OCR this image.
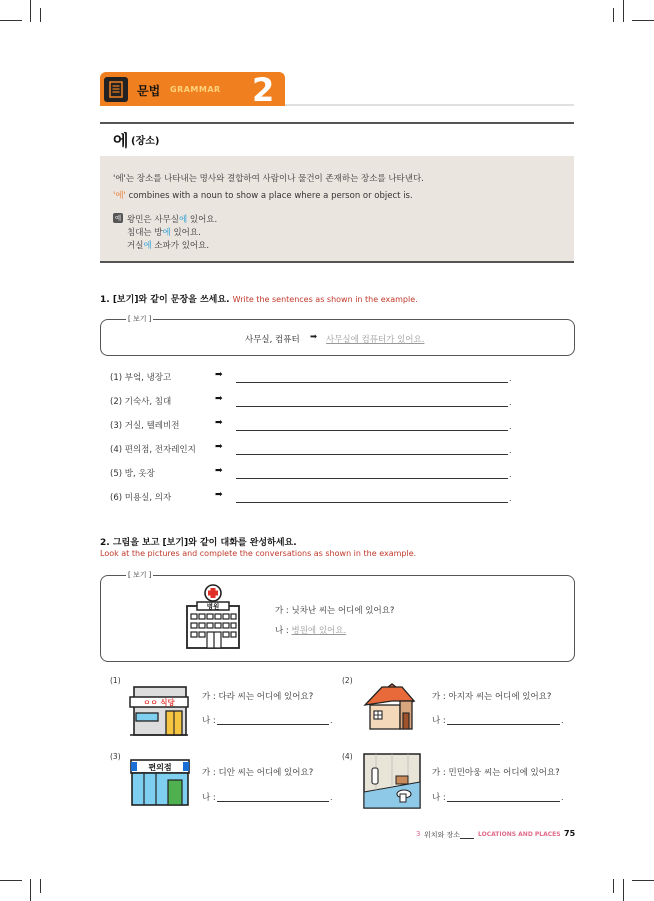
문법 GRAMMAR 2
에 (장소)
'에'는 장소를 나타내는 명사와 결합하여 사람이나 물건이 존재하는 장소를 나타낸다.
'에' combines with a noun to show a place where a person or object is.
예 왕민은 사무실에 있어요.
침대는 방에 있어요.
거실에 소파가 있어요.
1. [보기]와 같이 문장을 쓰세요. Write the sentences as shown in the example.
[ 보기 ]
사무실, 컴퓨터 ➡ 사무실에 컴퓨터가 있어요.
(1) 부엌, 냉장고	➡	.
(2) 기숙사, 침대	➡	.
(3) 거실, 텔레비전	➡	.
(4) 편의점, 전자레인지 ➡	.
(5) 방, 옷장	➡	.
(6) 미용실, 의자	➡	.
2. 그림을 보고 [보기]와 같이 대화를 완성하세요.
Look at the pictures and complete the conversations as shown in the example.
[ 보기 ]
병원	가 : 닛차난 씨는 어디에 있어요?
나 : 병원에 있어요.
(1)
ㅇㅇ 식당
가 : 다라 씨는 어디에 있어요?
나 :	.
(2)
가 : 아지자 씨는 어디에 있어요?
나 :	.
(3)
편의점
가 : 디안 씨는 어디에 있어요?
나 :	.
(4)
가 : 민민아웅 씨는 어디에 있어요?
나 :	.
3 위치와 장소	LOCATIONS AND PLACES 75
